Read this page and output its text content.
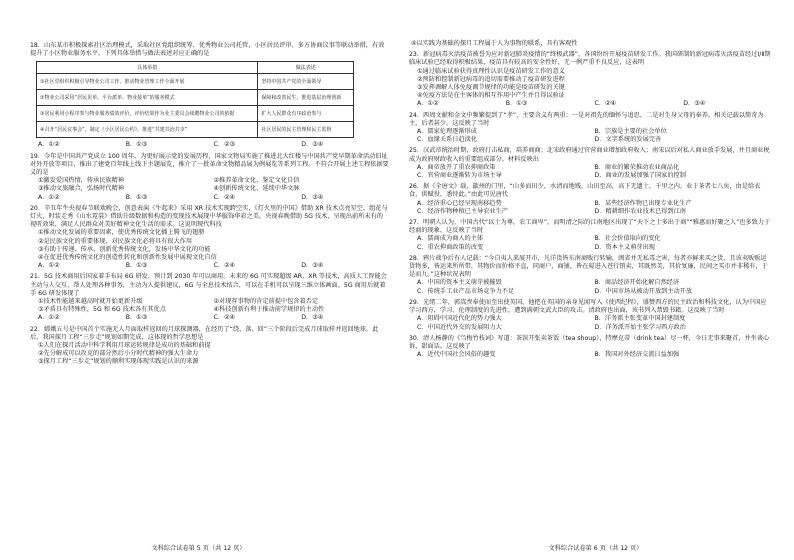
18．山东某市积极探索社区治理模式，采取社区党组织统筹、优秀物业公司托管、小区居民评审、多方协商议事等联动举措，有效提升了小区物业服务水平。下列具体举措与做法表述对应正确的是
具体举措	做法表述
①社区党组织积极引导物业公司工作、推动物业管理工作全面开展	坚持中国共产党的全面领导
②物业公司采用“居民见单、平台派单、物业接单”的服务模式	保障和改善民生、推进基层治理创新
③居民利用小程序参与物业服务绩效评价，评价结果作为业主委员会续聘物业公司的依据	扩大人民群众有序政治参与
④召开“居民议事会”，制定《小区居民公约》，推进“共建共治共享”	社区居民的民主管理和民主监督
A．①②	B．①③	C．②③	D．③④
19．今年是中国共产党成立 100 周年，为更好展示党的发展历程，国家文物局实施了推进北大红楼与中国共产党早期革命活动旧址对外开放等项目，推出了建党百年线上线下主题展览，推介了一批革命文物精品展为例展览等系列工程。不符合开展上述工程依据要义的是
①激发爱国热情，传承民族精神	②推养革命文化，鉴定文化自信
③推动文旅融合，弘扬时代精神	④创新传统文化，延续中华文脉
A．①②	B．①③	C．②④	D．③④
20．辛丑年牛央视春节联欢晚会，创意表演《牛起来》采用 XR 技术实现跨空实，《灯火里的中国》借助 XR 技术点亮星空、组花与灯火，时装走秀《山水霓裳》借助升级数据和构造的变现技术展现中华服饰华彩之美。央视春晚借助 5G 技术，呈现出前所未有的视听效果，满足人民群众对美好精神文化生活的需求。这说明现代科技
①推动文化发展的重要因素，使优秀传统文化插上腾飞的翅膀
②是民族文化的重要体现，对民族文化必将具有很大作用
③有助于传递、传承、创新优秀传统文化，发扬中华文化的功能
④在促进优秀传统文化的创造性转化和创新性发展中展现文化自信
A．①②	B．①③	C．②④	D．③④
21．5G 技术商用后国家着手布局 6G 研发，预计到 2030 年可以商用。未来的 6G 可实现超级 AR、XR 等技术，高质人工智能会主动与人交互，帮人处理各种事务，主动为人提供建议，6G 与全息技术结合，可以在手机可以呈现三维立体画面。5G 商用后就着手 6G 研发体现了
①技术性能越来越高时就开始更新升级	②对现存事物的肯定前提中包含着否定
③矛盾具有特殊性，5G 和 6G 技术各有其优点	④科技创新有利于推动前学规律的主动性
A．①②	B．①③	C．②④	D．③④
22．嫦娥五号是中国首个实施无人月面取样返回的月球探测器，在经历了“绕、落、回”三个阶段后完成月球取样并返回地球。此后，我国探月工程“三步走”规划如期完成，这体现的哲学思想是
①人们在探月活动中科学利用月球运转规律是成功的基础和前提
②先分解成可以攻克的部分然后小分时代精神的强大生命力
③探月工程“三步走”规划的顺利实现体现实践是认识的来源
文科综合试卷第 5 页（共 12 页）
④以实践为基础的探月工程属于人为事物的联系，具有客观性
23．新冠病毒灭活疫苗被誉为应对新冠肺炎疫情的“终极武器”，各国纷纷开展疫苗研发工作。我国研制的新冠病毒灭活疫苗经过Ⅰ/Ⅱ期临床试验已经取得积极结果，疫苗具有较高的安全性好，无一例严重不良反应，这表明
①通过临床试验获得真理性认识是疫苗研发工作的意义
②预防和控制新冠病毒的追切需要推动了疫苗研发进程
③发挥调解人体免疫调节规律的功能是疫苗研发的关键
④免疫方法是在主客体的相互作用中产生并且得以验证
A．①②	B．①③	C．②④	D．③④
24．西周文献和金文中频繁提到了“孝”，主要含义有两重：一是对祖先的缅怀与追思，二是对生身父母的奉养。相关记载以简奇为主，后者甚少。这反映了当时
A．儒家伦理逐渐形成	B．宗族是主要的社会单位
C．血缘关系日趋淡化	D．文字系统的发展完善
25．汉武帝统治时期，政府打击私商，培养商商；北宋政府通过官营商业增加政府收入；南宋以后对私人商业放手发展，并且商业税成为政府财政收入的重要组成部分。材料反映出
A．商帝放开了重农抑商政策	B．商业的繁荣推动农业商品化
C．官营商业逐渐转为市场主导	D．商业的发展加强了国家的控制
26．据《全唐文》载，歙州的门里，“山多而田少，水清而地贱，山田至高，高下无遗土，千里之内，业于茶者七八矣，由是给衣食，供赋役，悉恃此。”由此可见唐代
A．经济重心已经呈现南移趋势	B．某些经济作物已出现专业化生产
C．经济作物种植已主导农业生产	D．精耕细作农业技术已得到江南
27．明朝人认为，中国古代“以士为尊，农工商卑”。而明清之际的江南地区出现了“天下之士多出于商”“雅惠而好聚之人”也多致力于经商的现象，这反映了当时
A．儒商成为商人的主体	B．社会价值取向的变化
C．重农抑商政策的改变	D．资本主义萌芽出现
28．鸦片战争后有人记载：“今自夷人来厦开市，凡洋货皆东南商贩行转输，闽省并无私毒之害，每者亦鲜来买之货，且该夷贩贩运货物多，皆运来所所带，其物价而价格平直，同商户，商铺，皆在厦进入苍行销卖，其既然美，其价复廉，民间之买市并非稀有，于是而九。”这种状况表明
A．中国的资本主义萌芽被摧毁	B．商品经济开始化解自然经济
C．传统手工业产品市场竞争力不足	D．中国市场从被动开放到主动开放
29．光绪二年，郭嵩焘奉使而至出使英国，他把在英国的亲身见闻写入《使西纪程》，盛赞西方的民主政治和科技文化，认为中国应学习西方，学习、伦理制度的先进性，遭到满朝文武大臣的攻击。清政府也出面，该书列入禁毁书籍。这反映了当时
A．阻碍中国近代化的势力强大	B．洋务派主张变革中国封建制度
C．中国近代外交的发展阻力大	D．洋务派开始主张学习西方政治
30．清人杨静的《刍梅竹枝词》写道：茶馆开张卖茶饭（tea shoup），特摩克蒂（drink tea）尽一杯，今日无事来聚首，并坐谈心诉，甜面话。这反映了
A．近代中国社会风俗的趣变	B．我国对外经济交流日益加强
文科综合试卷第 6 页（共 12 页）
